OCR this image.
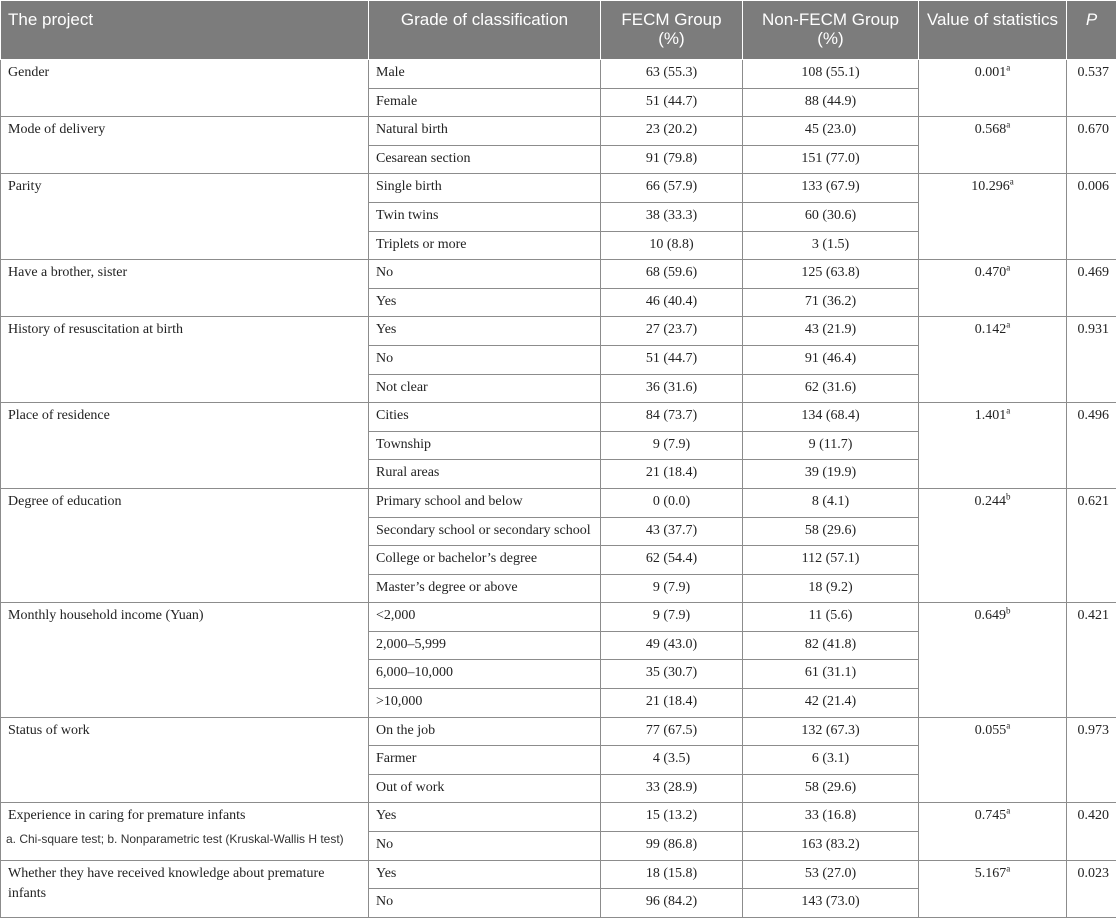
The project	Grade of classification	FECM Group (%)	Non-FECM Group (%)	Value of statistics	P
Gender	Male	63 (55.3)	108 (55.1)	0.001$^a$	0.537
	Female	51 (44.7)	88 (44.9)		
Mode of delivery	Natural birth	23 (20.2)	45 (23.0)	0.568$^a$	0.670
	Cesarean section	91 (79.8)	151 (77.0)		
Parity	Single birth	66 (57.9)	133 (67.9)	10.296$^a$	0.006
	Twin twins	38 (33.3)	60 (30.6)		
	Triplets or more	10 (8.8)	3 (1.5)		
Have a brother, sister	No	68 (59.6)	125 (63.8)	0.470$^a$	0.469
	Yes	46 (40.4)	71 (36.2)		
History of resuscitation at birth	Yes	27 (23.7)	43 (21.9)	0.142$^a$	0.931
	No	51 (44.7)	91 (46.4)		
	Not clear	36 (31.6)	62 (31.6)		
Place of residence	Cities	84 (73.7)	134 (68.4)	1.401$^a$	0.496
	Township	9 (7.9)	9 (11.7)		
	Rural areas	21 (18.4)	39 (19.9)		
Degree of education	Primary school and below	0 (0.0)	8 (4.1)	0.244$^b$	0.621
	Secondary school or secondary school	43 (37.7)	58 (29.6)		
	College or bachelor’s degree	62 (54.4)	112 (57.1)		
	Master’s degree or above	9 (7.9)	18 (9.2)		
Monthly household income (Yuan)	<2,000	9 (7.9)	11 (5.6)	0.649$^b$	0.421
	2,000–5,999	49 (43.0)	82 (41.8)		
	6,000–10,000	35 (30.7)	61 (31.1)		
	>10,000	21 (18.4)	42 (21.4)		
Status of work	On the job	77 (67.5)	132 (67.3)	0.055$^a$	0.973
	Farmer	4 (3.5)	6 (3.1)		
	Out of work	33 (28.9)	58 (29.6)		
Experience in caring for premature infants	Yes	15 (13.2)	33 (16.8)	0.745$^a$	0.420
	No	99 (86.8)	163 (83.2)		
Whether they have received knowledge about premature infants	Yes	18 (15.8)	53 (27.0)	5.167$^a$	0.023
	No	96 (84.2)	143 (73.0)		
a. Chi-square test; b. Nonparametric test (Kruskal-Wallis H test)
